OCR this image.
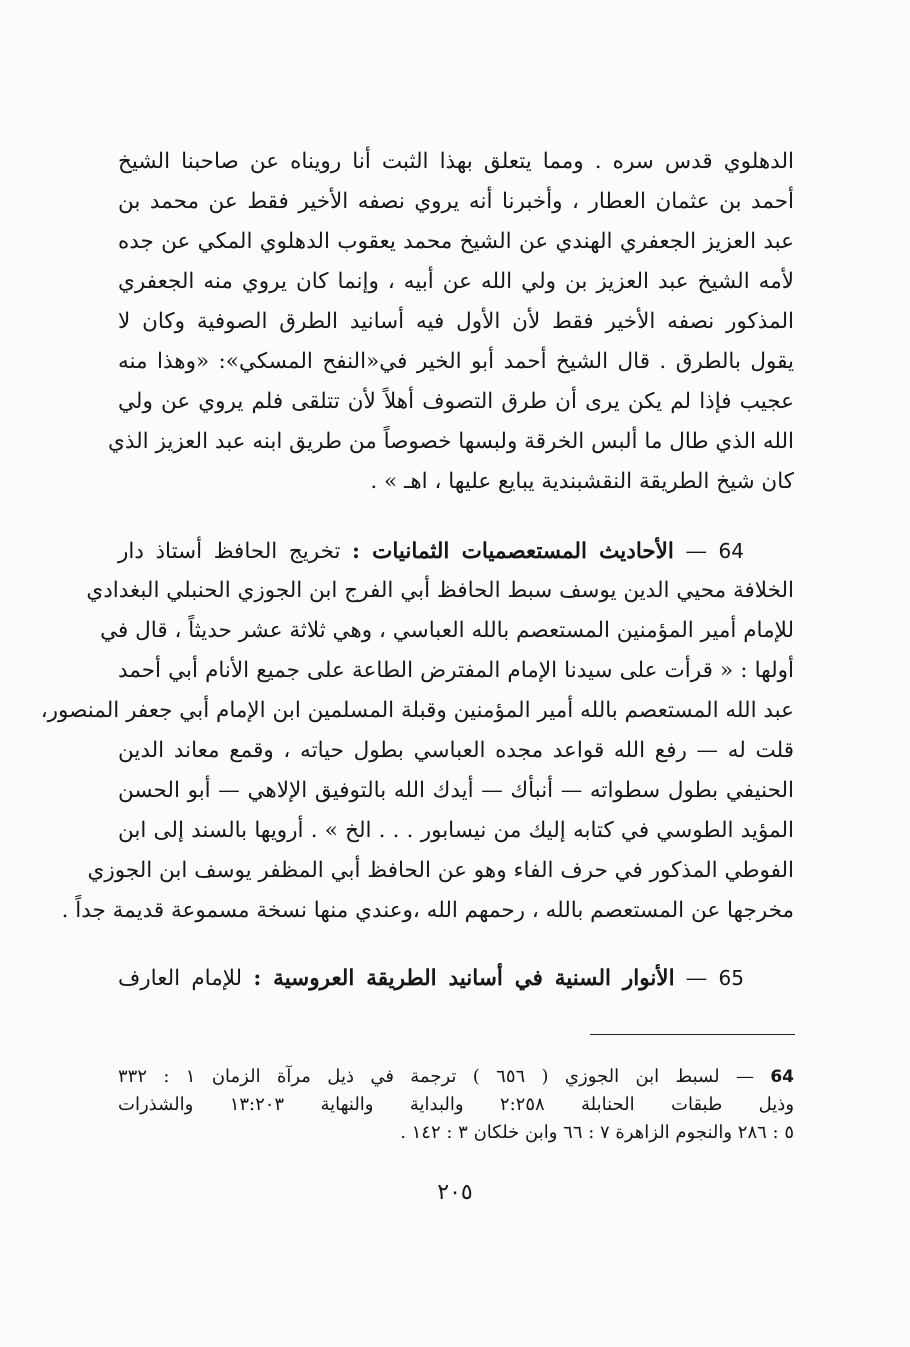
الدهلوي قدس سره . ومما يتعلق بهذا الثبت أنا رويناه عن صاحبنا الشيخ
أحمد بن عثمان العطار ، وأخبرنا أنه يروي نصفه الأخير فقط عن محمد بن
عبد العزيز الجعفري الهندي عن الشيخ محمد يعقوب الدهلوي المكي عن جده
لأمه الشيخ عبد العزيز بن ولي الله عن أبيه ، وإنما كان يروي منه الجعفري
المذكور نصفه الأخير فقط لأن الأول فيه أسانيد الطرق الصوفية وكان لا
يقول بالطرق . قال الشيخ أحمد أبو الخير في«النفح المسكي»: «وهذا منه
عجيب فإذا لم يكن يرى أن طرق التصوف أهلاً لأن تتلقى فلم يروي عن ولي
الله الذي طال ما ألبس الخرقة ولبسها خصوصاً من طريق ابنه عبد العزيز الذي
كان شيخ الطريقة النقشبندية يبايع عليها ، اهـ » .
64 — الأحاديث المستعصميات الثمانيات : تخريج الحافظ أستاذ دار
الخلافة محيي الدين يوسف سبط الحافظ أبي الفرج ابن الجوزي الحنبلي البغدادي
للإمام أمير المؤمنين المستعصم بالله العباسي ، وهي ثلاثة عشر حديثاً ، قال في
أولها : « قرأت على سيدنا الإمام المفترض الطاعة على جميع الأنام أبي أحمد
عبد الله المستعصم بالله أمير المؤمنين وقبلة المسلمين ابن الإمام أبي جعفر المنصور،
قلت له — رفع الله قواعد مجده العباسي بطول حياته ، وقمع معاند الدين
الحنيفي بطول سطواته — أنبأك — أيدك الله بالتوفيق الإلاهي — أبو الحسن
المؤيد الطوسي في كتابه إليك من نيسابور . . . الخ » . أرويها بالسند إلى ابن
الفوطي المذكور في حرف الفاء وهو عن الحافظ أبي المظفر يوسف ابن الجوزي
مخرجها عن المستعصم بالله ، رحمهم الله ،وعندي منها نسخة مسموعة قديمة جداً .
65 — الأنوار السنية في أسانيد الطريقة العروسية : للإمام العارف
64 — لسبط ابن الجوزي ( ٦٥٦ ) ترجمة في ذيل مرآة الزمان ١ : ٣٣٢
وذيل طبقات الحنابلة ٢:٢٥٨ والبداية والنهاية ١٣:٢٠٣ والشذرات
٥ : ٢٨٦ والنجوم الزاهرة ٧ : ٦٦ وابن خلكان ٣ : ١٤٢ .
٢٠٥
